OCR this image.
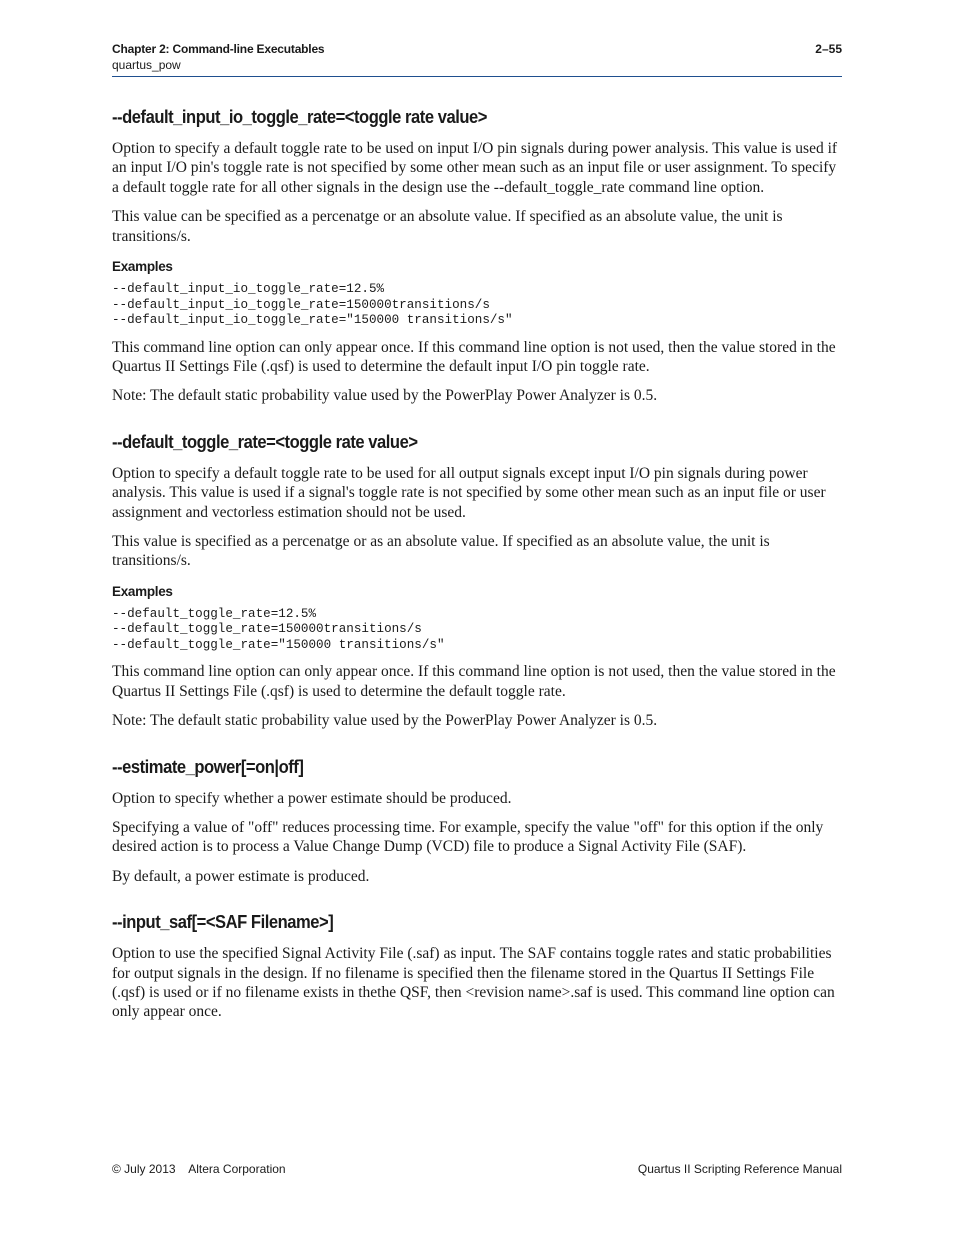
Chapter 2: Command-line Executables
quartus_pow
2–55
--default_input_io_toggle_rate=<toggle rate value>

Option to specify a default toggle rate to be used on input I/O pin signals during power analysis. This value is used if an input I/O pin's toggle rate is not specified by some other mean such as an input file or user assignment. To specify a default toggle rate for all other signals in the design use the --default_toggle_rate command line option.

This value can be specified as a percenatge or an absolute value. If specified as an absolute value, the unit is transitions/s.

Examples
--default_input_io_toggle_rate=12.5%
--default_input_io_toggle_rate=150000transitions/s
--default_input_io_toggle_rate="150000 transitions/s"

This command line option can only appear once. If this command line option is not used, then the value stored in the Quartus II Settings File (.qsf) is used to determine the default input I/O pin toggle rate.

Note: The default static probability value used by the PowerPlay Power Analyzer is 0.5.

--default_toggle_rate=<toggle rate value>

Option to specify a default toggle rate to be used for all output signals except input I/O pin signals during power analysis. This value is used if a signal's toggle rate is not specified by some other mean such as an input file or user assignment and vectorless estimation should not be used.

This value is specified as a percenatge or as an absolute value. If specified as an absolute value, the unit is transitions/s.

Examples
--default_toggle_rate=12.5%
--default_toggle_rate=150000transitions/s
--default_toggle_rate="150000 transitions/s"

This command line option can only appear once. If this command line option is not used, then the value stored in the Quartus II Settings File (.qsf) is used to determine the default toggle rate.

Note: The default static probability value used by the PowerPlay Power Analyzer is 0.5.

--estimate_power[=on|off]

Option to specify whether a power estimate should be produced.

Specifying a value of "off" reduces processing time. For example, specify the value "off" for this option if the only desired action is to process a Value Change Dump (VCD) file to produce a Signal Activity File (SAF).

By default, a power estimate is produced.

--input_saf[=<SAF Filename>]

Option to use the specified Signal Activity File (.saf) as input. The SAF contains toggle rates and static probabilities for output signals in the design. If no filename is specified then the filename stored in the Quartus II Settings File (.qsf) is used or if no filename exists in thethe QSF, then <revision name>.saf is used. This command line option can only appear once.

© July 2013 Altera Corporation	Quartus II Scripting Reference Manual
